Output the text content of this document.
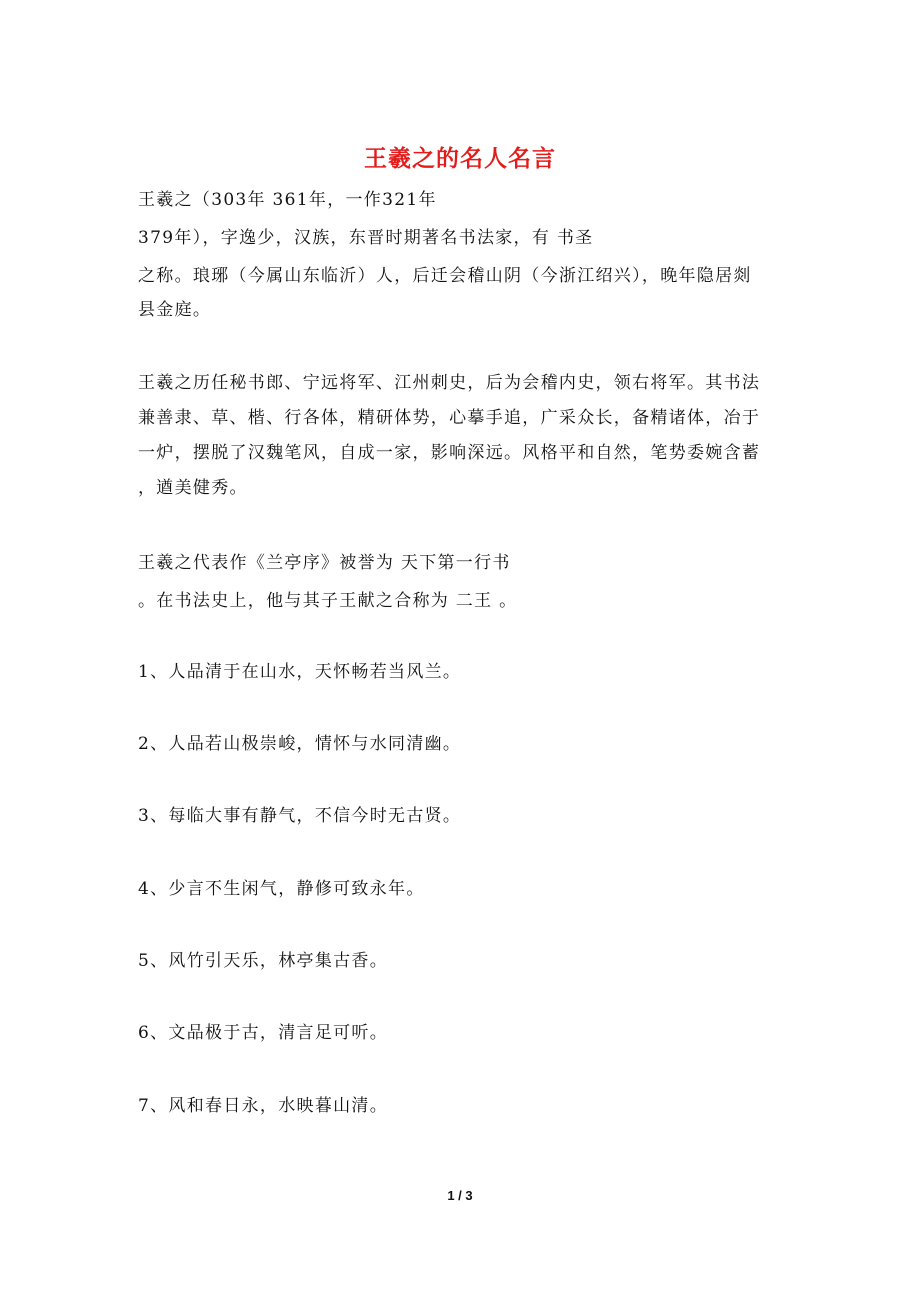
王羲之的名人名言
王羲之（303年 361年，一作321年
379年），字逸少，汉族，东晋时期著名书法家，有 书圣
之称。琅琊（今属山东临沂）人，后迁会稽山阴（今浙江绍兴），晚年隐居剡
县金庭。
王羲之历任秘书郎、宁远将军、江州刺史，后为会稽内史，领右将军。其书法
兼善隶、草、楷、行各体，精研体势，心摹手追，广采众长，备精诸体，冶于
一炉，摆脱了汉魏笔风，自成一家，影响深远。风格平和自然，笔势委婉含蓄
，遒美健秀。
王羲之代表作《兰亭序》被誉为 天下第一行书
。在书法史上，他与其子王献之合称为 二王 。
1、人品清于在山水，天怀畅若当风兰。
2、人品若山极崇峻，情怀与水同清幽。
3、每临大事有静气，不信今时无古贤。
4、少言不生闲气，静修可致永年。
5、风竹引天乐，林亭集古香。
6、文品极于古，清言足可听。
7、风和春日永，水映暮山清。
1 / 3
